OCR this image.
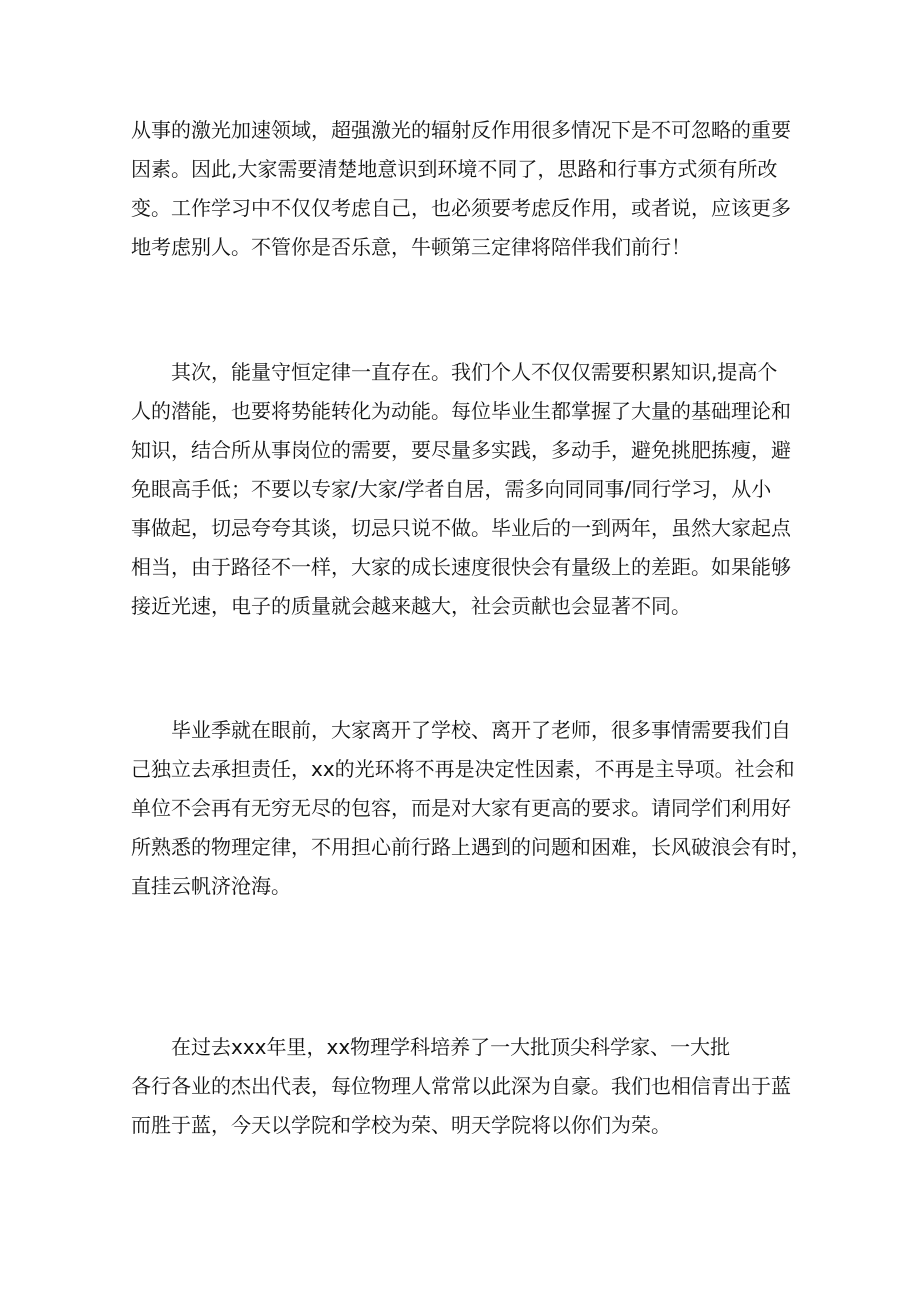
从事的激光加速领域，超强激光的辐射反作用很多情况下是不可忽略的重要
因素。因此,大家需要清楚地意识到环境不同了，思路和行事方式须有所改
变。工作学习中不仅仅考虑自己，也必须要考虑反作用，或者说，应该更多
地考虑别人。不管你是否乐意，牛顿第三定律将陪伴我们前行！
　　其次，能量守恒定律一直存在。我们个人不仅仅需要积累知识,提高个
人的潜能，也要将势能转化为动能。每位毕业生都掌握了大量的基础理论和
知识，结合所从事岗位的需要，要尽量多实践，多动手，避免挑肥拣瘦，避
免眼高手低；不要以专家/大家/学者自居，需多向同同事/同行学习，从小
事做起，切忌夸夸其谈，切忌只说不做。毕业后的一到两年，虽然大家起点
相当，由于路径不一样，大家的成长速度很快会有量级上的差距。如果能够
接近光速，电子的质量就会越来越大，社会贡献也会显著不同。
　　毕业季就在眼前，大家离开了学校、离开了老师，很多事情需要我们自
己独立去承担责任，xx的光环将不再是决定性因素，不再是主导项。社会和
单位不会再有无穷无尽的包容，而是对大家有更高的要求。请同学们利用好
所熟悉的物理定律，不用担心前行路上遇到的问题和困难，长风破浪会有时，
直挂云帆济沧海。
　　在过去xxx年里，xx物理学科培养了一大批顶尖科学家、一大批
各行各业的杰出代表，每位物理人常常以此深为自豪。我们也相信青出于蓝
而胜于蓝，今天以学院和学校为荣、明天学院将以你们为荣。
